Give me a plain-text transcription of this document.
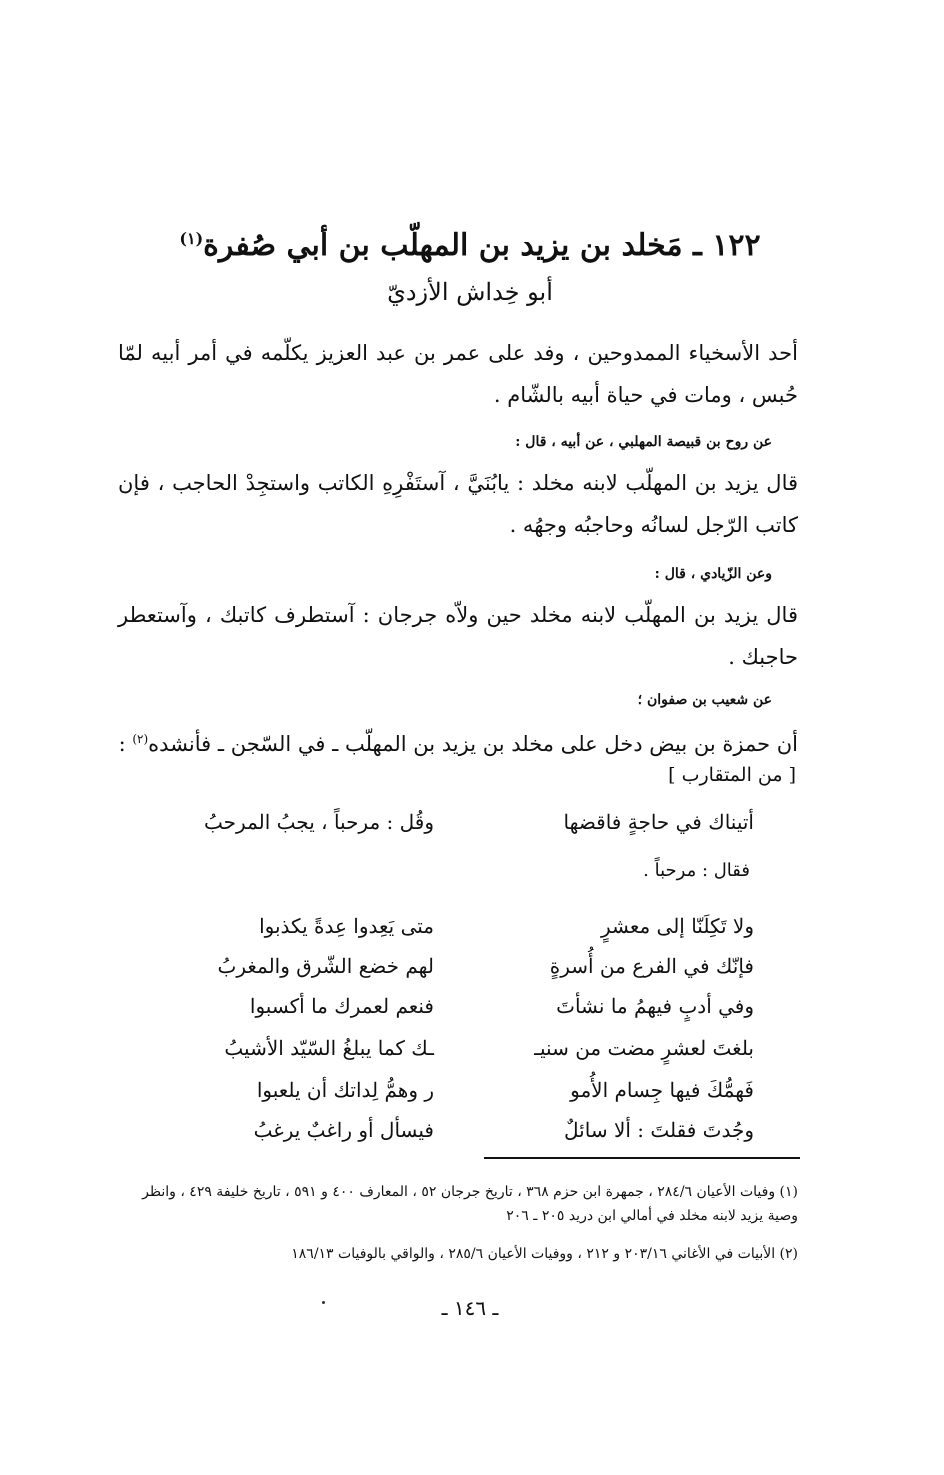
١٢٢ ـ مَخلد بن يزيد بن المهلّب بن أبي صُفرة$^{(١)}$
أبو خِداش الأزديّ
أحد الأسخياء الممدوحين ، وفد على عمر بن عبد العزيز يكلّمه في أمر أبيه لمّا حُبس ، ومات في حياة أبيه بالشّام .
عن روح بن قبيصة المهلبي ، عن أبيه ، قال :
قال يزيد بن المهلّب لابنه مخلد : يابُنَيَّ ، آستَفْرِهِ الكاتب واستجِدْ الحاجب ، فإن كاتب الرّجل لسانُه وحاجبُه وجهُه .
وعن الزّيادي ، قال :
قال يزيد بن المهلّب لابنه مخلد حين ولاّه جرجان : آستطرف كاتبك ، وآستعطر حاجبك .
عن شعيب بن صفوان ؛
أن حمزة بن بيض دخل على مخلد بن يزيد بن المهلّب ـ في السّجن ـ فأنشده$^{(٢)}$ :
[ من المتقارب ]
أتيناك في حاجةٍ فاقضها
وقُل : مرحباً ، يجبُ المرحبُ
فقال : مرحباً .
ولا تَكِلَنّا إلى معشرٍ
متى يَعِدوا عِدةً يكذبوا
فإنّك في الفرع من أُسرةٍ
لهم خضع الشّرق والمغربُ
وفي أدبٍ فيهمُ ما نشأتَ
فنعم لعمرك ما أكسبوا
بلغتَ لعشرٍ مضت من سنيـ
ـك كما يبلغُ السّيّد الأشيبُ
فَهمُّكَ فيها جِسام الأُمو
ر وهمُّ لِداتك أن يلعبوا
وجُدتَ فقلتَ : ألا سائلٌ
فيسأل أو راغبٌ يرغبُ
(١) وفيات الأعيان ٢٨٤/٦ ، جمهرة ابن حزم ٣٦٨ ، تاريخ جرجان ٥٢ ، المعارف ٤٠٠ و ٥٩١ ، تاريخ خليفة ٤٢٩ ، وانظر وصية يزيد لابنه مخلد في أمالي ابن دريد ٢٠٥ ـ ٢٠٦
(٢) الأبيات في الأغاني ٢٠٣/١٦ و ٢١٢ ، ووفيات الأعيان ٢٨٥/٦ ، والواقي بالوفيات ١٨٦/١٣
ـ ١٤٦ ـ
